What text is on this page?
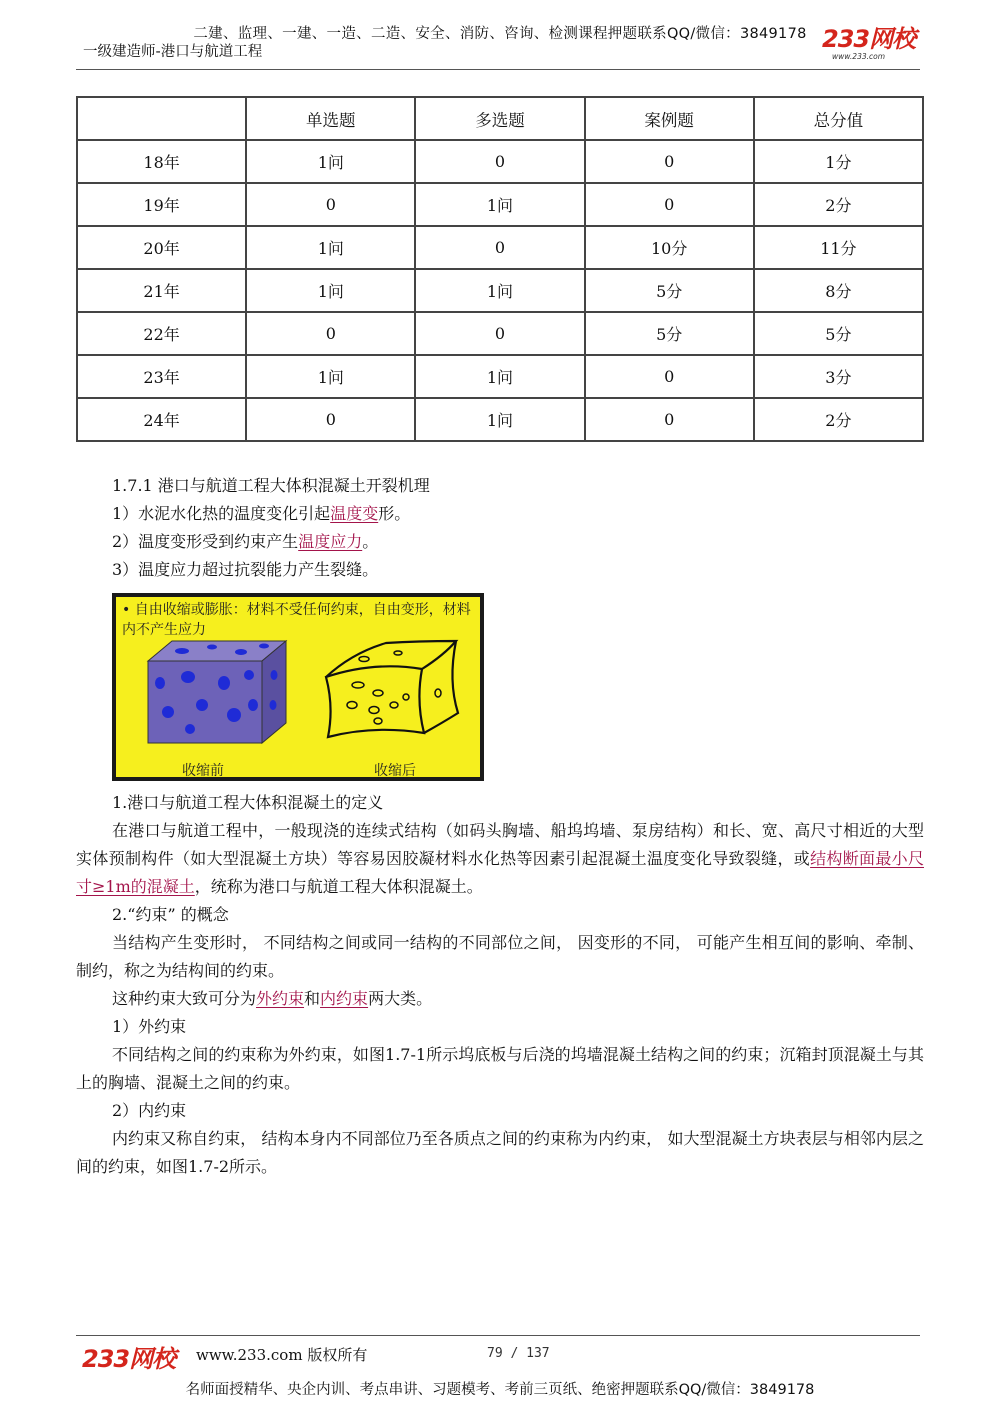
二建、监理、一建、一造、二造、安全、消防、咨询、检测课程押题联系QQ/微信：3849178
一级建造师-港口与航道工程	233网校
www.233.com
	单选题	多选题	案例题	总分值
18年	1问	0	0	1分
19年	0	1问	0	2分
20年	1问	0	10分	11分
21年	1问	1问	5分	8分
22年	0	0	5分	5分
23年	1问	1问	0	3分
24年	0	1问	0	2分
1.7.1 港口与航道工程大体积混凝土开裂机理
1）水泥水化热的温度变化引起温度变形。
2）温度变形受到约束产生温度应力。
3）温度应力超过抗裂能力产生裂缝。
• 自由收缩或膨胀：材料不受任何约束，自由变形，材料内不产生应力
收缩前	收缩后
1.港口与航道工程大体积混凝土的定义
在港口与航道工程中，一般现浇的连续式结构（如码头胸墙、船坞坞墙、泵房结构）和长、宽、高尺寸相近的大型实体预制构件（如大型混凝土方块）等容易因胶凝材料水化热等因素引起混凝土温度变化导致裂缝，或结构断面最小尺寸≥1m的混凝土，统称为港口与航道工程大体积混凝土。
2.“约束” 的概念
当结构产生变形时， 不同结构之间或同一结构的不同部位之间， 因变形的不同， 可能产生相互间的影响、牵制、制约，称之为结构间的约束。
这种约束大致可分为外约束和内约束两大类。
1）外约束
不同结构之间的约束称为外约束，如图1.7-1所示坞底板与后浇的坞墙混凝土结构之间的约束；沉箱封顶混凝土与其上的胸墙、混凝土之间的约束。
2）内约束
内约束又称自约束， 结构本身内不同部位乃至各质点之间的约束称为内约束， 如大型混凝土方块表层与相邻内层之间的约束，如图1.7-2所示。
233网校 www.233.com 版权所有	79 / 137
名师面授精华、央企内训、考点串讲、习题模考、考前三页纸、绝密押题联系QQ/微信：3849178
